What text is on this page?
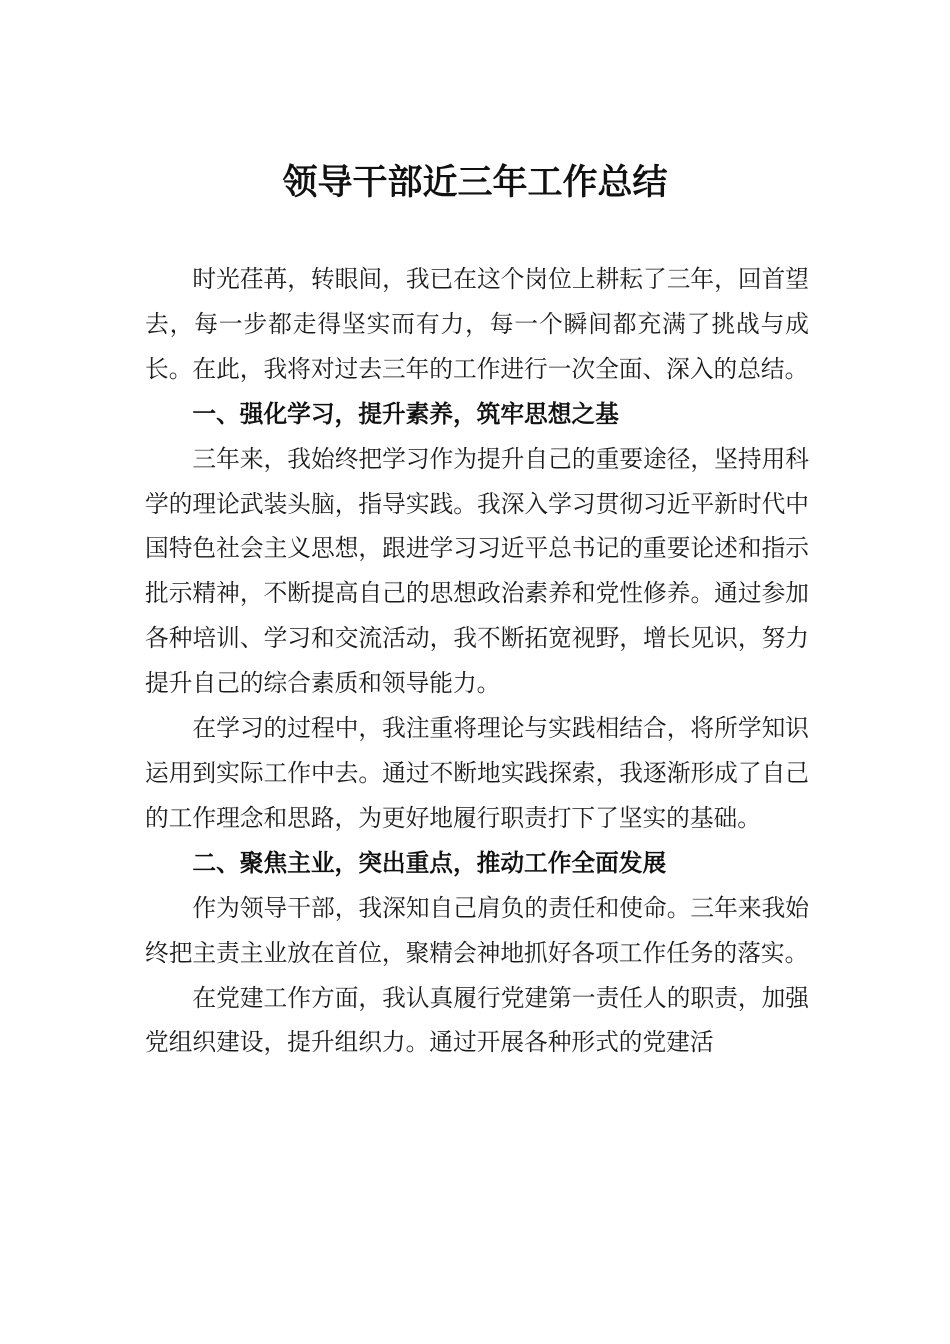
领导干部近三年工作总结

时光荏苒，转眼间，我已在这个岗位上耕耘了三年，回首望去，每一步都走得坚实而有力，每一个瞬间都充满了挑战与成长。在此，我将对过去三年的工作进行一次全面、深入的总结。

一、强化学习，提升素养，筑牢思想之基

三年来，我始终把学习作为提升自己的重要途径，坚持用科学的理论武装头脑，指导实践。我深入学习贯彻习近平新时代中国特色社会主义思想，跟进学习习近平总书记的重要论述和指示批示精神，不断提高自己的思想政治素养和党性修养。通过参加各种培训、学习和交流活动，我不断拓宽视野，增长见识，努力提升自己的综合素质和领导能力。

在学习的过程中，我注重将理论与实践相结合，将所学知识运用到实际工作中去。通过不断地实践探索，我逐渐形成了自己的工作理念和思路，为更好地履行职责打下了坚实的基础。

二、聚焦主业，突出重点，推动工作全面发展

作为领导干部，我深知自己肩负的责任和使命。三年来我始终把主责主业放在首位，聚精会神地抓好各项工作任务的落实。

在党建工作方面，我认真履行党建第一责任人的职责，加强党组织建设，提升组织力。通过开展各种形式的党建活
